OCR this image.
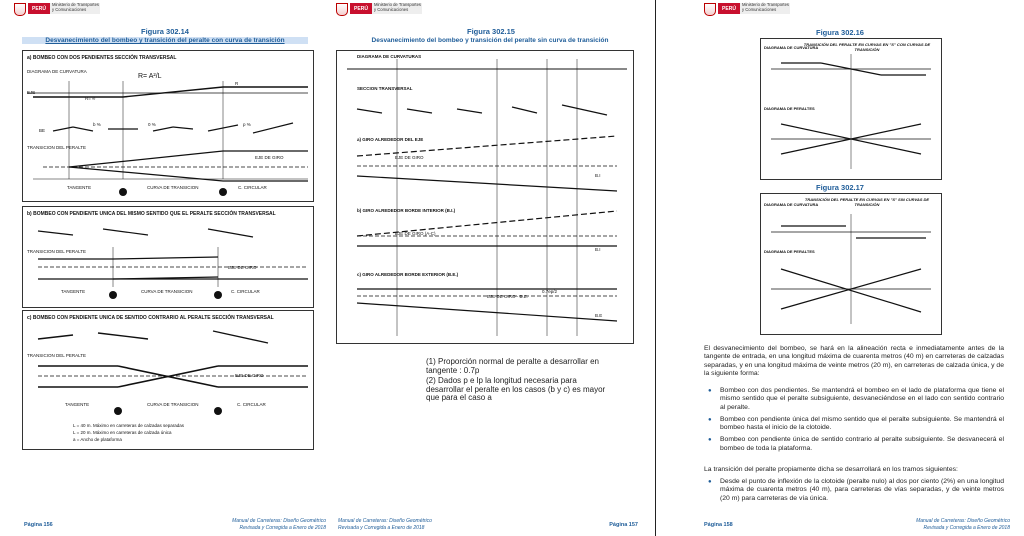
PERÚ
Ministerio de Transportes y Comunicaciones
Figura 302.14
Desvanecimiento del bombeo y transición del peralte con curva de transición
a) BOMBEO CON DOS PENDIENTES SECCIÓN TRANSVERSAL
DIAGRAMA DE CURVATURA
R= A²/L
EJE
R= ∞
R
BE
b %	0 %	p %
TRANSICION DEL PERALTE
EJE DE GIRO
TANGENTE	CURVA DE TRANSICION	C. CIRCULAR
b) BOMBEO CON PENDIENTE UNICA DEL MISMO SENTIDO QUE EL PERALTE SECCIÓN TRANSVERSAL
TRANSICION DEL PERALTE
EJE DE GIRO
TANGENTE	CURVA DE TRANSICION	C. CIRCULAR
c) BOMBEO CON PENDIENTE UNICA DE SENTIDO CONTRARIO AL PERALTE SECCIÓN TRANSVERSAL
TRANSICION DEL PERALTE
EJE DE GIRO
TANGENTE	CURVA DE TRANSICION	C. CIRCULAR
L = 40 m. Máximo en carreteras de calzadas separadas
L = 20 m. Máximo en carreteras de calzada única
a = Ancho de plataforma
Página 156
Manual de Carreteras: Diseño Geométrico
Revisada y Corregida a Enero de 2018
PERÚ
Ministerio de Transportes y Comunicaciones
Figura 302.15
Desvanecimiento del bombeo y transición del peralte sin curva de transición
DIAGRAMA DE CURVATURAS
SECCION TRANSVERSAL
a) GIRO ALREDEDOR DEL EJE
EJE DE GIRO
b) GIRO ALREDEDOR BORDE INTERIOR (B.I.)
EJE DE GIRO (A-C)
c) GIRO ALREDEDOR BORDE EXTERIOR (B.E.)
EJE DE GIRO - B.E.
0.7ep/2
B.I
B.I
B.E
(1) Proporción normal de peralte a desarrollar en tangente : 0.7p
(2) Dados p e lp la longitud necesaria para desarrollar el peralte en los casos (b y c) es mayor que para el caso a
Manual de Carreteras: Diseño Geométrico
Revisada y Corregida a Enero de 2018	Página 157
PERÚ
Ministerio de Transportes y Comunicaciones
Figura 302.16
TRANSICIÓN DEL PERALTE EN CURVAS EN "S" CON CURVAS DE TRANSICIÓN
DIAGRAMA DE CURVATURA
DIAGRAMA DE PERALTES
Figura 302.17
TRANSICIÓN DEL PERALTE EN CURVAS EN "S" SIN CURVAS DE TRANSICIÓN
DIAGRAMA DE CURVATURA
DIAGRAMA DE PERALTES
El desvanecimiento del bombeo, se hará en la alineación recta e inmediatamente antes de la tangente de entrada, en una longitud máxima de cuarenta metros (40 m) en carreteras de calzadas separadas, y en una longitud máxima de veinte metros (20 m), en carreteras de calzada única, y de la siguiente forma:
● Bombeo con dos pendientes. Se mantendrá el bombeo en el lado de plataforma que tiene el mismo sentido que el peralte subsiguiente, desvaneciéndose en el lado con sentido contrario al peralte.
● Bombeo con pendiente única del mismo sentido que el peralte subsiguiente. Se mantendrá el bombeo hasta el inicio de la clotoide.
● Bombeo con pendiente única de sentido contrario al peralte subsiguiente. Se desvanecerá el bombeo de toda la plataforma.
La transición del peralte propiamente dicha se desarrollará en los tramos siguientes:
● Desde el punto de inflexión de la clotoide (peralte nulo) al dos por ciento (2%) en una longitud máxima de cuarenta metros (40 m), para carreteras de vías separadas, y de veinte metros (20 m) para carreteras de vía única.
Página 158
Manual de Carreteras: Diseño Geométrico
Revisada y Corregida a Enero de 2018
